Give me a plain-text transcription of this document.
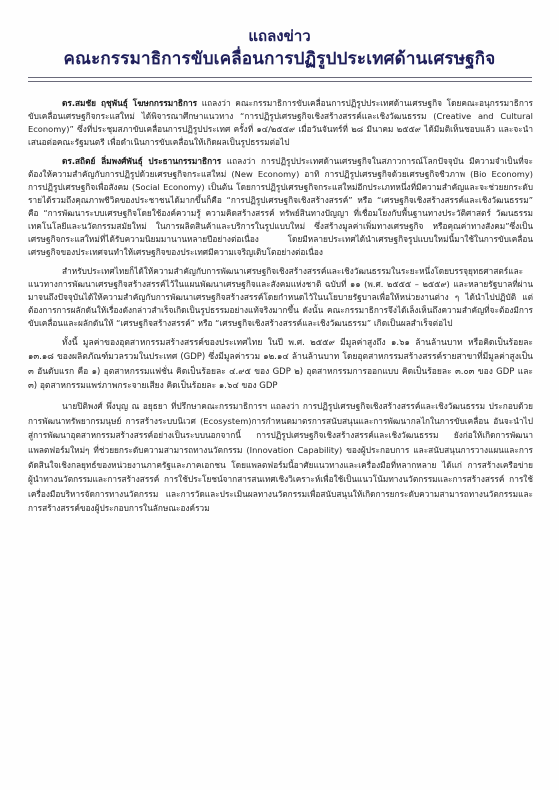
แถลงข่าว
คณะกรรมาธิการขับเคลื่อนการปฏิรูปประเทศด้านเศรษฐกิจ

ดร.สมชัย ฤชุพันธุ์ โฆษกกรรมาธิการ แถลงว่า คณะกรรมาธิการขับเคลื่อนการปฏิรูปประเทศด้านเศรษฐกิจ โดยคณะอนุกรรมาธิการขับเคลื่อนเศรษฐกิจกระแสใหม่ ได้พิจารณาศึกษาแนวทาง “การปฏิรูปเศรษฐกิจเชิงสร้างสรรค์และเชิงวัฒนธรรม (Creative and Cultural Economy)” ซึ่งที่ประชุมสภาขับเคลื่อนการปฏิรูปประเทศ ครั้งที่ ๑๔/๒๕๕๙ เมื่อวันจันทร์ที่ ๒๘ มีนาคม ๒๕๕๙ ได้มีมติเห็นชอบแล้ว และจะนำเสนอต่อคณะรัฐมนตรี เพื่อดำเนินการขับเคลื่อนให้เกิดผลเป็นรูปธรรมต่อไป

ดร.สถิตย์ ลิ่มพงศ์พันธุ์ ประธานกรรมาธิการ แถลงว่า การปฏิรูปประเทศด้านเศรษฐกิจในสภาวการณ์โลกปัจจุบัน มีความจำเป็นที่จะต้องให้ความสำคัญกับการปฏิรูปด้วยเศรษฐกิจกระแสใหม่ (New Economy) อาทิ การปฏิรูปเศรษฐกิจด้วยเศรษฐกิจชีวภาพ (Bio Economy) การปฏิรูปเศรษฐกิจเพื่อสังคม (Social Economy) เป็นต้น โดยการปฏิรูปเศรษฐกิจกระแสใหม่อีกประเภทหนึ่งที่มีความสำคัญและจะช่วยยกระดับรายได้รวมถึงคุณภาพชีวิตของประชาชนได้มากขึ้นก็คือ “การปฏิรูปเศรษฐกิจเชิงสร้างสรรค์” หรือ “เศรษฐกิจเชิงสร้างสรรค์และเชิงวัฒนธรรม” คือ “การพัฒนาระบบเศรษฐกิจโดยใช้องค์ความรู้ ความคิดสร้างสรรค์ ทรัพย์สินทางปัญญา ที่เชื่อมโยงกับพื้นฐานทางประวัติศาสตร์ วัฒนธรรม เทคโนโลยีและนวัตกรรมสมัยใหม่ ในการผลิตสินค้าและบริการในรูปแบบใหม่ ซึ่งสร้างมูลค่าเพิ่มทางเศรษฐกิจ หรือคุณค่าทางสังคม”ซึ่งเป็นเศรษฐกิจกระแสใหม่ที่ได้รับความนิยมมานานหลายปีอย่างต่อเนื่อง โดยมีหลายประเทศได้นำเศรษฐกิจรูปแบบใหม่นี้มาใช้ในการขับเคลื่อนเศรษฐกิจของประเทศจนทำให้เศรษฐกิจของประเทศมีความเจริญเติบโตอย่างต่อเนื่อง

สำหรับประเทศไทยก็ได้ให้ความสำคัญกับการพัฒนาเศรษฐกิจเชิงสร้างสรรค์และเชิงวัฒนธรรมในระยะหนึ่งโดยบรรจุยุทธศาสตร์และแนวทางการพัฒนาเศรษฐกิจสร้างสรรค์ไว้ในแผนพัฒนาเศรษฐกิจและสังคมแห่งชาติ ฉบับที่ ๑๑ (พ.ศ. ๒๕๕๕ – ๒๕๕๙) และหลายรัฐบาลที่ผ่านมาจนถึงปัจจุบันได้ให้ความสำคัญกับการพัฒนาเศรษฐกิจสร้างสรรค์โดยกำหนดไว้ในนโยบายรัฐบาลเพื่อให้หน่วยงานต่าง ๆ ได้นำไปปฏิบัติ แต่ต้องการการผลักดันให้เรื่องดังกล่าวสำเร็จเกิดเป็นรูปธรรมอย่างแท้จริงมากขึ้น ดังนั้น คณะกรรมาธิการจึงได้เล็งเห็นถึงความสำคัญที่จะต้องมีการขับเคลื่อนและผลักดันให้ “เศรษฐกิจสร้างสรรค์” หรือ “เศรษฐกิจเชิงสร้างสรรค์และเชิงวัฒนธรรม” เกิดเป็นผลสำเร็จต่อไป

ทั้งนี้ มูลค่าของอุตสาหกรรมสร้างสรรค์ของประเทศไทย ในปี พ.ศ. ๒๕๕๙ มีมูลค่าสูงถึง ๑.๖๑ ล้านล้านบาท หรือคิดเป็นร้อยละ ๑๓.๑๘ ของผลิตภัณฑ์มวลรวมในประเทศ (GDP) ซึ่งมีมูลค่ารวม ๑๒.๑๔ ล้านล้านบาท โดยอุตสาหกรรมสร้างสรรค์รายสาขาที่มีมูลค่าสูงเป็น ๓ อันดับแรก คือ ๑) อุตสาหกรรมแฟชั่น คิดเป็นร้อยละ ๔.๙๕ ของ GDP ๒) อุตสาหกรรมการออกแบบ คิดเป็นร้อยละ ๓.๐๓ ของ GDP และ ๓) อุตสาหกรรมแพร่ภาพกระจายเสียง คิดเป็นร้อยละ ๑.๖๔ ของ GDP

นายปิติพงศ์ พึ่งบุญ ณ อยุธยา ที่ปรึกษาคณะกรรมาธิการฯ แถลงว่า การปฏิรูปเศรษฐกิจเชิงสร้างสรรค์และเชิงวัฒนธรรม ประกอบด้วยการพัฒนาทรัพยากรมนุษย์ การสร้างระบบนิเวศ (Ecosystem)การกำหนดมาตรการสนับสนุนและการพัฒนากลไกในการขับเคลื่อน อันจะนำไปสู่การพัฒนาอุตสาหกรรมสร้างสรรค์อย่างเป็นระบบนอกจากนี้ การปฏิรูปเศรษฐกิจเชิงสร้างสรรค์และเชิงวัฒนธรรม ยังก่อให้เกิดการพัฒนาแพลตฟอร์มใหม่ๆ ที่ช่วยยกระดับความสามารถทางนวัตกรรม (Innovation Capability) ของผู้ประกอบการ และสนับสนุนการวางแผนและการตัดสินใจเชิงกลยุทธ์ของหน่วยงานภาครัฐและภาคเอกชน โดยแพลตฟอร์มนี้อาศัยแนวทางและเครื่องมือที่หลากหลาย ได้แก่ การสร้างเครือข่ายผู้นำทางนวัตกรรมและการสร้างสรรค์ การใช้ประโยชน์จากสารสนเทศเชิงวิเคราะห์เพื่อใช้เป็นแนวโน้มทางนวัตกรรมและการสร้างสรรค์ การใช้เครื่องมือบริหารจัดการทางนวัตกรรม และการวัดและประเมินผลทางนวัตกรรมเพื่อสนับสนุนให้เกิดการยกระดับความสามารถทางนวัตกรรมและการสร้างสรรค์ของผู้ประกอบการในลักษณะองค์รวม
